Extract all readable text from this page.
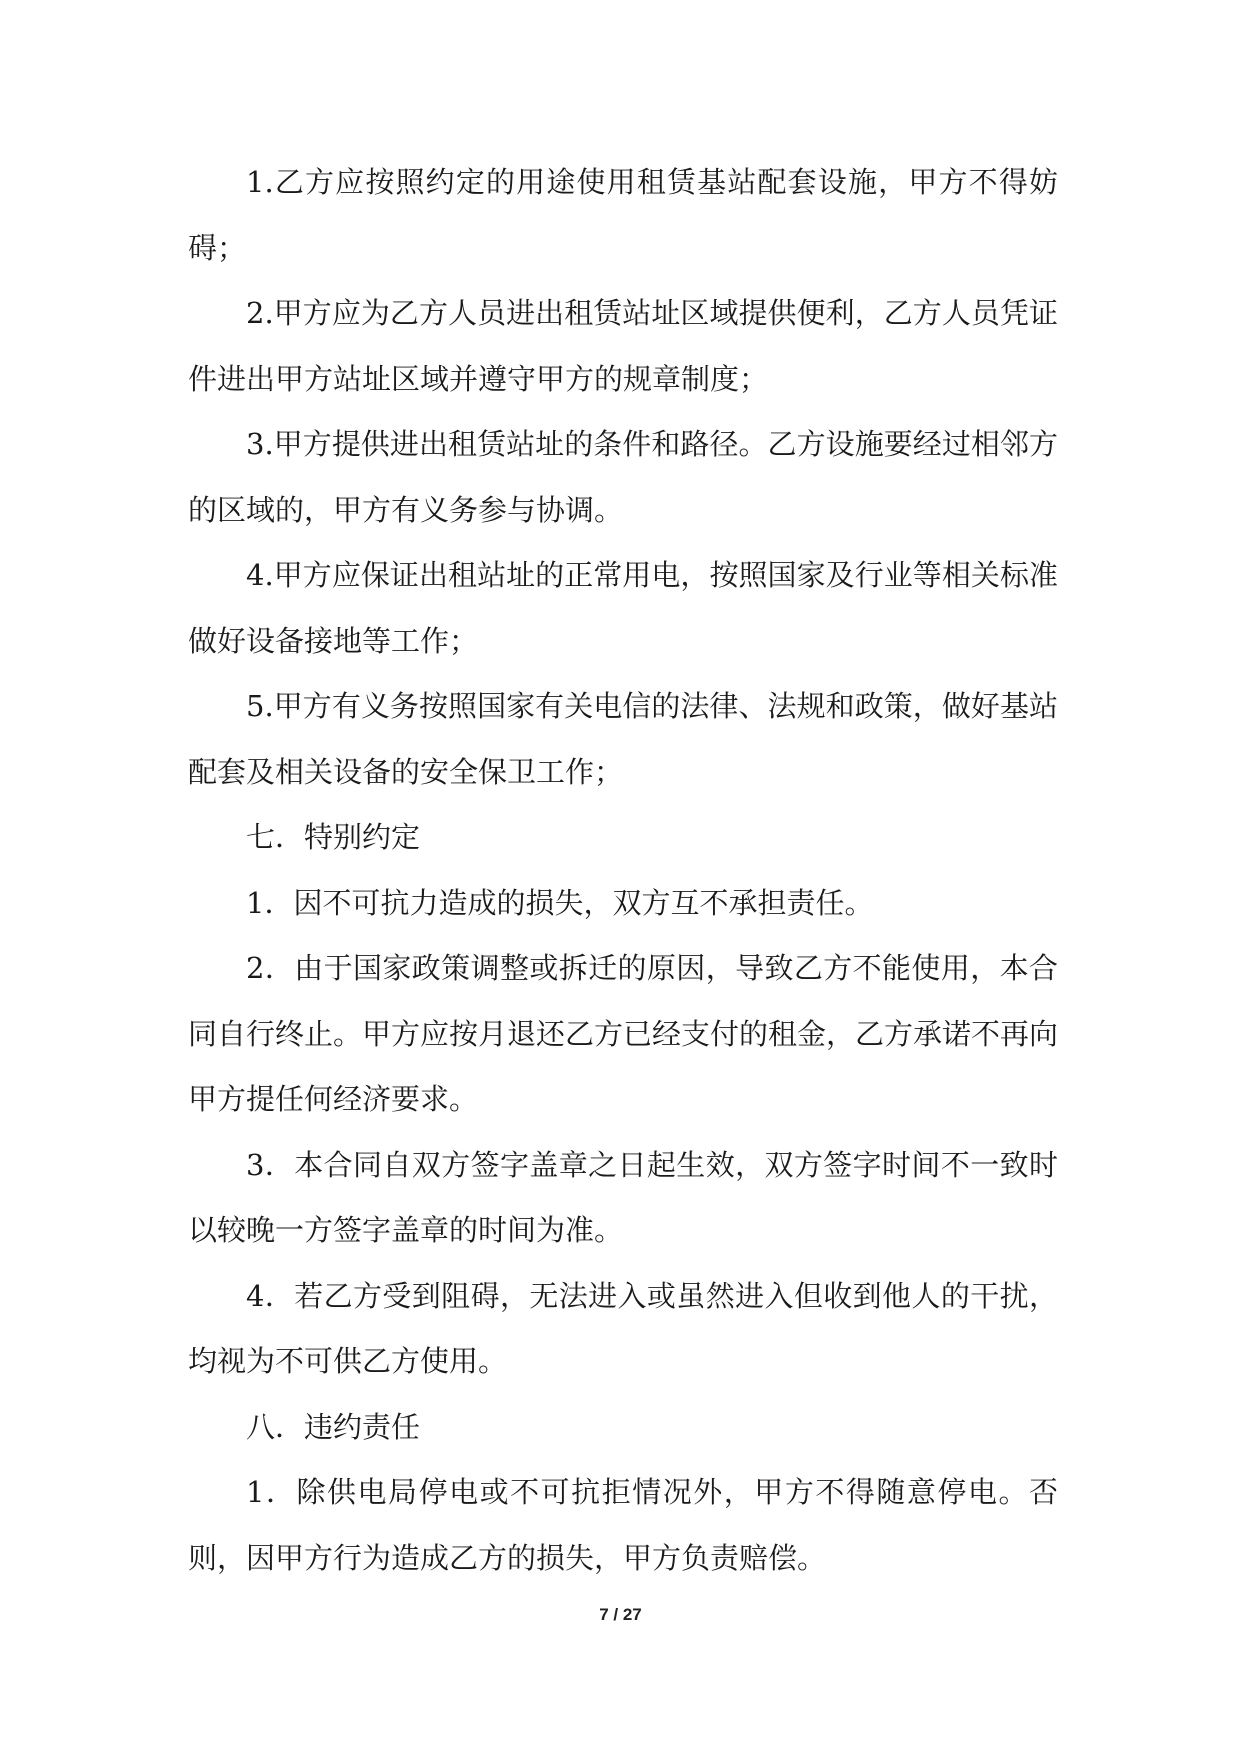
1.乙方应按照约定的用途使用租赁基站配套设施，甲方不得妨碍；

2.甲方应为乙方人员进出租赁站址区域提供便利，乙方人员凭证件进出甲方站址区域并遵守甲方的规章制度；

3.甲方提供进出租赁站址的条件和路径。乙方设施要经过相邻方的区域的，甲方有义务参与协调。

4.甲方应保证出租站址的正常用电，按照国家及行业等相关标准做好设备接地等工作；

5.甲方有义务按照国家有关电信的法律、法规和政策，做好基站配套及相关设备的安全保卫工作；

七．特别约定

1．因不可抗力造成的损失，双方互不承担责任。

2．由于国家政策调整或拆迁的原因，导致乙方不能使用，本合同自行终止。甲方应按月退还乙方已经支付的租金，乙方承诺不再向甲方提任何经济要求。

3．本合同自双方签字盖章之日起生效，双方签字时间不一致时以较晚一方签字盖章的时间为准。

4．若乙方受到阻碍，无法进入或虽然进入但收到他人的干扰，均视为不可供乙方使用。

八．违约责任

1．除供电局停电或不可抗拒情况外，甲方不得随意停电。否则，因甲方行为造成乙方的损失，甲方负责赔偿。

7 / 27
